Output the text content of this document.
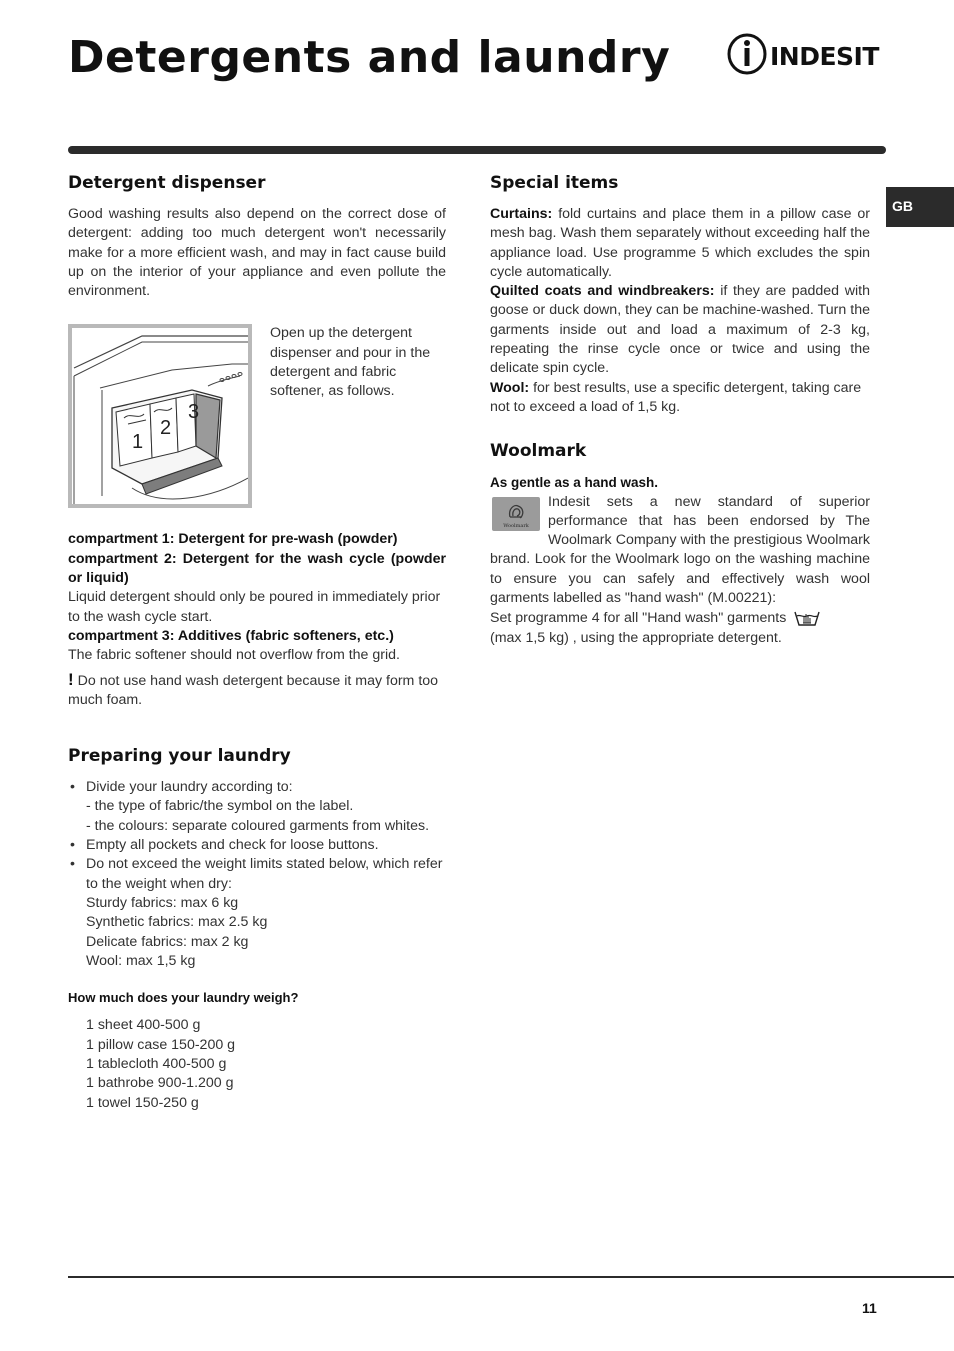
Detergents and laundry	INDESIT
GB
Detergent dispenser

Good washing results also depend on the correct dose of detergent: adding too much detergent won't necessarily make for a more efficient wash, and may in fact cause build up on the interior of your appliance and even pollute the environment.

1
2
3

Open up the detergent dispenser and pour in the detergent and fabric softener, as follows.

compartment 1: Detergent for pre-wash (powder)

compartment 2: Detergent for the wash cycle (powder or liquid)

Liquid detergent should only be poured in immediately prior to the wash cycle start.

compartment 3: Additives (fabric softeners, etc.)

The fabric softener should not overflow from the grid.

! Do not use hand wash detergent because it may form too much foam.

Preparing your laundry
• Divide your laundry according to:
- the type of fabric/the symbol on the label.
- the colours: separate coloured garments from whites.
• Empty all pockets and check for loose buttons.
• Do not exceed the weight limits stated below, which refer to the weight when dry:
Sturdy fabrics: max 6 kg
Synthetic fabrics: max 2.5 kg
Delicate fabrics: max 2 kg
Wool: max 1,5 kg

How much does your laundry weigh?

1 sheet 400-500 g

1 pillow case 150-200 g

1 tablecloth 400-500 g

1 bathrobe 900-1.200 g

1 towel 150-250 g

Special items

Curtains: fold curtains and place them in a pillow case or mesh bag. Wash them separately without exceeding half the appliance load. Use programme 5 which excludes the spin cycle automatically.

Quilted coats and windbreakers: if they are padded with goose or duck down, they can be machine-washed. Turn the garments inside out and load a maximum of 2-3 kg, repeating the rinse cycle once or twice and using the delicate spin cycle.

Wool: for best results, use a specific detergent, taking care not to exceed a load of 1,5 kg.

Woolmark

As gentle as a hand wash.

Woolmark

Indesit sets a new standard of superior performance that has been endorsed by The Woolmark Company with the prestigious Woolmark brand. Look for the Woolmark logo on the washing machine to ensure you can safely and effectively wash wool garments labelled as "hand wash" (M.00221):

Set programme 4 for all "Hand wash" garments
(max 1,5 kg) , using the appropriate detergent.

11
